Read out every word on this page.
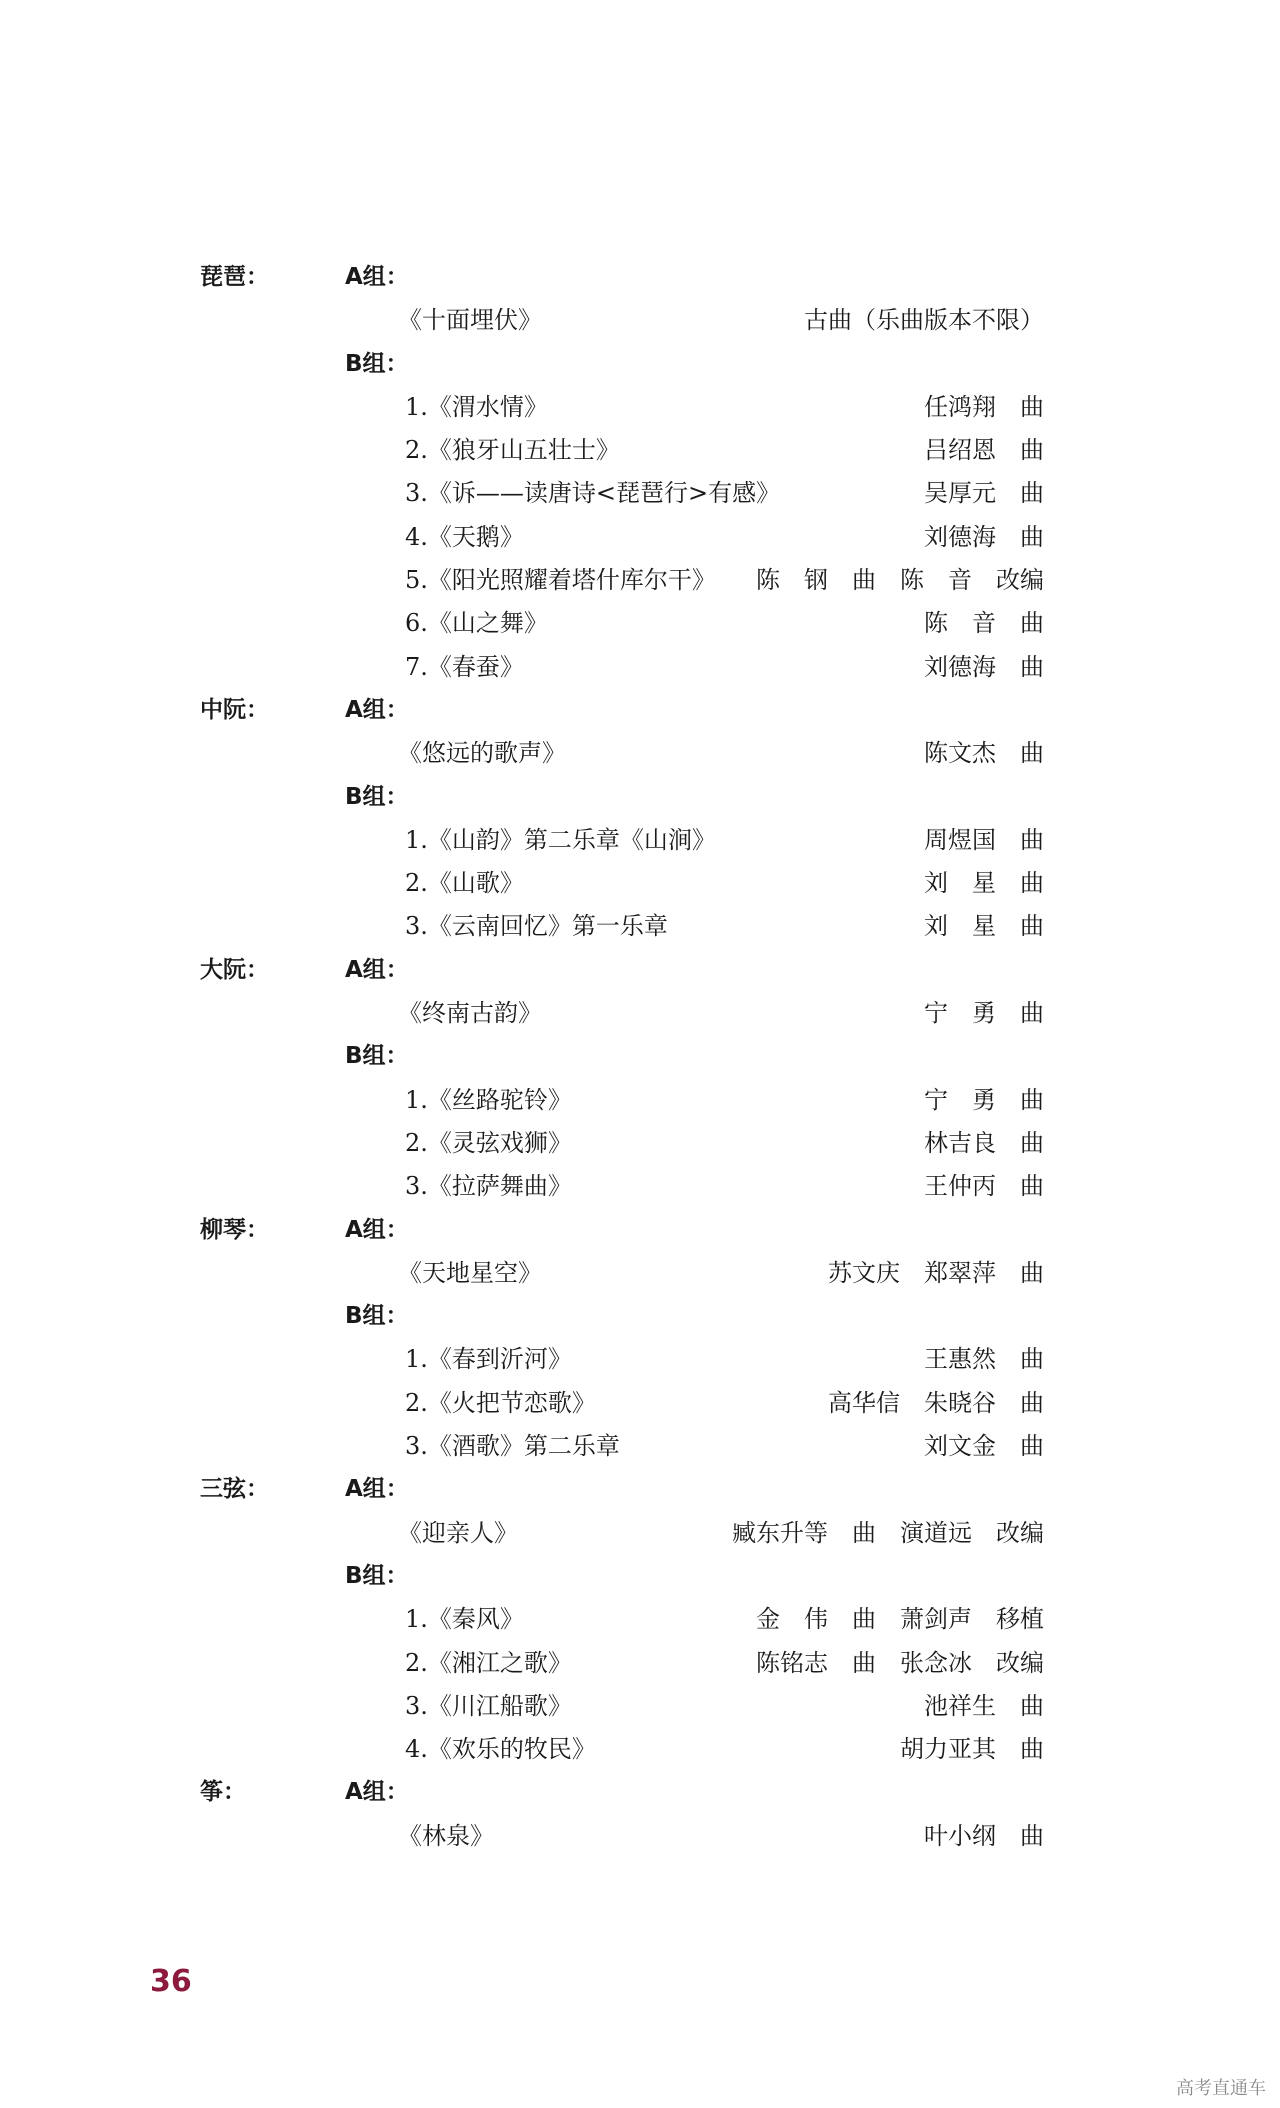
琵琶：	A组：
《十面埋伏》	古曲（乐曲版本不限）
B组：
1.《渭水情》	任鸿翔 曲
2.《狼牙山五壮士》	吕绍恩 曲
3.《诉——读唐诗<琵琶行>有感》	吴厚元 曲
4.《天鹅》	刘德海 曲
5.《阳光照耀着塔什库尔干》 陈　钢 曲 陈　音 改编
6.《山之舞》	陈　音 曲
7.《春蚕》	刘德海 曲
中阮：	A组：
《悠远的歌声》	陈文杰 曲
B组：
1.《山韵》第二乐章《山涧》	周煜国 曲
2.《山歌》	刘　星 曲
3.《云南回忆》第一乐章	刘　星 曲
大阮：	A组：
《终南古韵》	宁　勇 曲
B组：
1.《丝路驼铃》	宁　勇 曲
2.《灵弦戏狮》	林吉良 曲
3.《拉萨舞曲》	王仲丙 曲
柳琴：	A组：
《天地星空》	苏文庆 郑翠萍 曲
B组：
1.《春到沂河》	王惠然 曲
2.《火把节恋歌》	高华信 朱晓谷 曲
3.《酒歌》第二乐章	刘文金 曲
三弦：	A组：
《迎亲人》	臧东升等 曲 演道远 改编
B组：
1.《秦风》	金　伟 曲 萧剑声 移植
2.《湘江之歌》	陈铭志 曲 张念冰 改编
3.《川江船歌》	池祥生 曲
4.《欢乐的牧民》	胡力亚其 曲
筝：	A组：
《林泉》	叶小纲 曲
36
高考直通车
